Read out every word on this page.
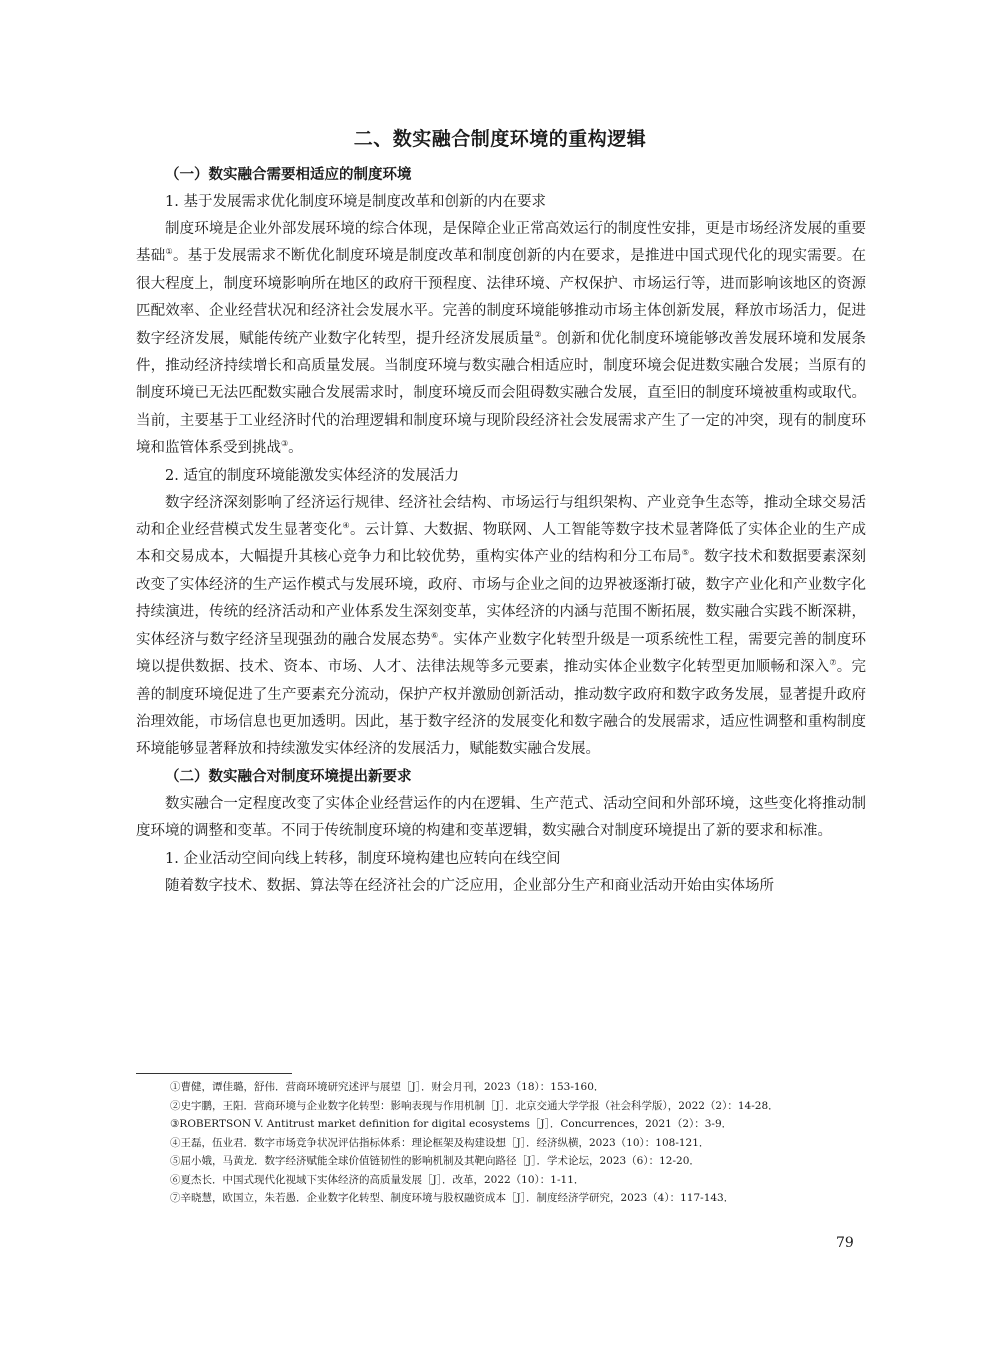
二、数实融合制度环境的重构逻辑

（一）数实融合需要相适应的制度环境

1. 基于发展需求优化制度环境是制度改革和创新的内在要求

制度环境是企业外部发展环境的综合体现，是保障企业正常高效运行的制度性安排，更是市场经济发展的重要基础①。基于发展需求不断优化制度环境是制度改革和制度创新的内在要求，是推进中国式现代化的现实需要。在很大程度上，制度环境影响所在地区的政府干预程度、法律环境、产权保护、市场运行等，进而影响该地区的资源匹配效率、企业经营状况和经济社会发展水平。完善的制度环境能够推动市场主体创新发展，释放市场活力，促进数字经济发展，赋能传统产业数字化转型，提升经济发展质量②。创新和优化制度环境能够改善发展环境和发展条件，推动经济持续增长和高质量发展。当制度环境与数实融合相适应时，制度环境会促进数实融合发展；当原有的制度环境已无法匹配数实融合发展需求时，制度环境反而会阻碍数实融合发展，直至旧的制度环境被重构或取代。当前，主要基于工业经济时代的治理逻辑和制度环境与现阶段经济社会发展需求产生了一定的冲突，现有的制度环境和监管体系受到挑战③。

2. 适宜的制度环境能激发实体经济的发展活力

数字经济深刻影响了经济运行规律、经济社会结构、市场运行与组织架构、产业竞争生态等，推动全球交易活动和企业经营模式发生显著变化④。云计算、大数据、物联网、人工智能等数字技术显著降低了实体企业的生产成本和交易成本，大幅提升其核心竞争力和比较优势，重构实体产业的结构和分工布局⑤。数字技术和数据要素深刻改变了实体经济的生产运作模式与发展环境，政府、市场与企业之间的边界被逐渐打破，数字产业化和产业数字化持续演进，传统的经济活动和产业体系发生深刻变革，实体经济的内涵与范围不断拓展，数实融合实践不断深耕，实体经济与数字经济呈现强劲的融合发展态势⑥。实体产业数字化转型升级是一项系统性工程，需要完善的制度环境以提供数据、技术、资本、市场、人才、法律法规等多元要素，推动实体企业数字化转型更加顺畅和深入⑦。完善的制度环境促进了生产要素充分流动，保护产权并激励创新活动，推动数字政府和数字政务发展，显著提升政府治理效能，市场信息也更加透明。因此，基于数字经济的发展变化和数字融合的发展需求，适应性调整和重构制度环境能够显著释放和持续激发实体经济的发展活力，赋能数实融合发展。

（二）数实融合对制度环境提出新要求

数实融合一定程度改变了实体企业经营运作的内在逻辑、生产范式、活动空间和外部环境，这些变化将推动制度环境的调整和变革。不同于传统制度环境的构建和变革逻辑，数实融合对制度环境提出了新的要求和标准。

1. 企业活动空间向线上转移，制度环境构建也应转向在线空间

随着数字技术、数据、算法等在经济社会的广泛应用，企业部分生产和商业活动开始由实体场所

①曹健，谭佳璐，舒伟．营商环境研究述评与展望［J］．财会月刊，2023（18）：153-160．

②史宇鹏，王阳．营商环境与企业数字化转型：影响表现与作用机制［J］．北京交通大学学报（社会科学版），2022（2）：14-28．

③ROBERTSON V. Antitrust market definition for digital ecosystems［J］．Concurrences，2021（2）：3-9．

④王磊，伍业君．数字市场竞争状况评估指标体系：理论框架及构建设想［J］．经济纵横，2023（10）：108-121．

⑤屈小娥，马黄龙．数字经济赋能全球价值链韧性的影响机制及其靶向路径［J］．学术论坛，2023（6）：12-20．

⑥夏杰长．中国式现代化视域下实体经济的高质量发展［J］．改革，2022（10）：1-11．

⑦辛晓慧，欧国立，朱若愚．企业数字化转型、制度环境与股权融资成本［J］．制度经济学研究，2023（4）：117-143．

79
